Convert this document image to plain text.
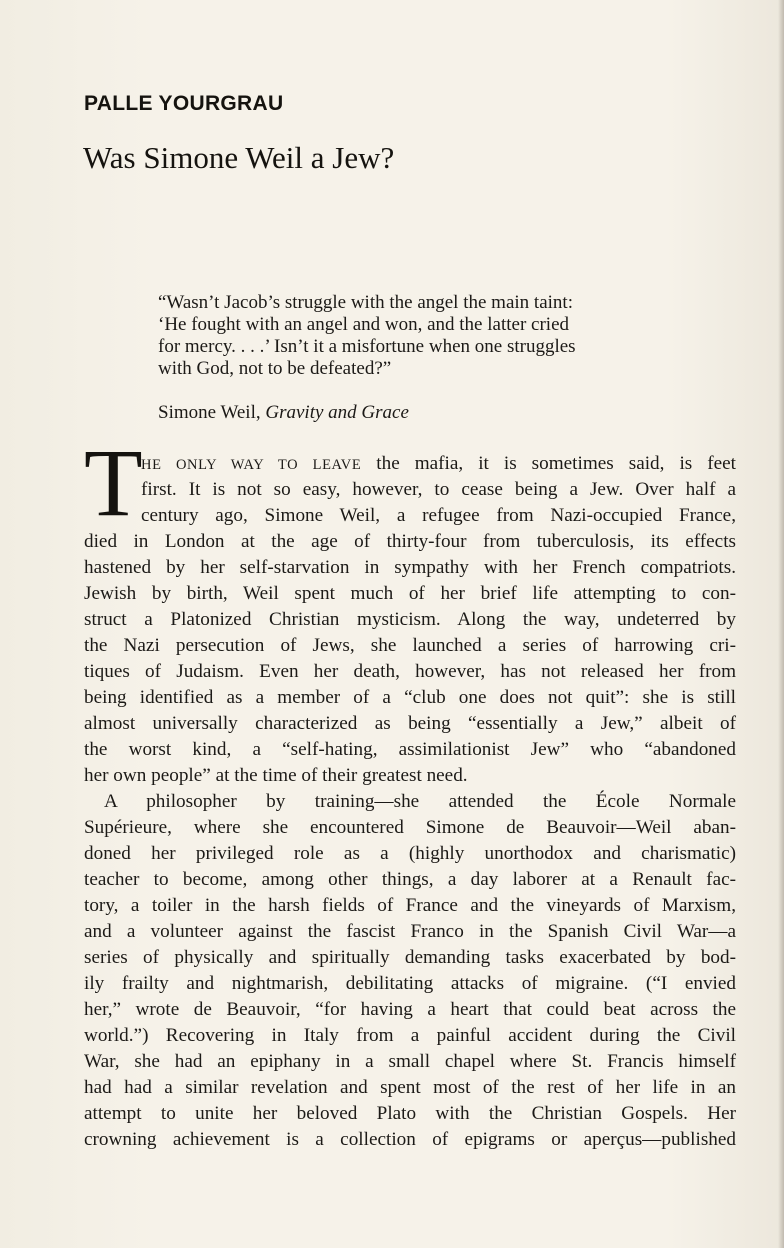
PALLE YOURGRAU
Was Simone Weil a Jew?
“Wasn’t Jacob’s struggle with the angel the main taint:
‘He fought with an angel and won, and the latter cried
for mercy. . . .’ Isn’t it a misfortune when one struggles
with God, not to be defeated?”
Simone Weil, Gravity and Grace
T
HE ONLY WAY TO LEAVE the mafia, it is sometimes said, is feet
first. It is not so easy, however, to cease being a Jew. Over half a
century ago, Simone Weil, a refugee from Nazi-occupied France,
died in London at the age of thirty-four from tuberculosis, its effects
hastened by her self-starvation in sympathy with her French compatriots.
Jewish by birth, Weil spent much of her brief life attempting to con-
struct a Platonized Christian mysticism. Along the way, undeterred by
the Nazi persecution of Jews, she launched a series of harrowing cri-
tiques of Judaism. Even her death, however, has not released her from
being identified as a member of a “club one does not quit”: she is still
almost universally characterized as being “essentially a Jew,” albeit of
the worst kind, a “self-hating, assimilationist Jew” who “abandoned
her own people” at the time of their greatest need.
A philosopher by training—she attended the École Normale
Supérieure, where she encountered Simone de Beauvoir—Weil aban-
doned her privileged role as a (highly unorthodox and charismatic)
teacher to become, among other things, a day laborer at a Renault fac-
tory, a toiler in the harsh fields of France and the vineyards of Marxism,
and a volunteer against the fascist Franco in the Spanish Civil War—a
series of physically and spiritually demanding tasks exacerbated by bod-
ily frailty and nightmarish, debilitating attacks of migraine. (“I envied
her,” wrote de Beauvoir, “for having a heart that could beat across the
world.”) Recovering in Italy from a painful accident during the Civil
War, she had an epiphany in a small chapel where St. Francis himself
had had a similar revelation and spent most of the rest of her life in an
attempt to unite her beloved Plato with the Christian Gospels. Her
crowning achievement is a collection of epigrams or aperçus—published
